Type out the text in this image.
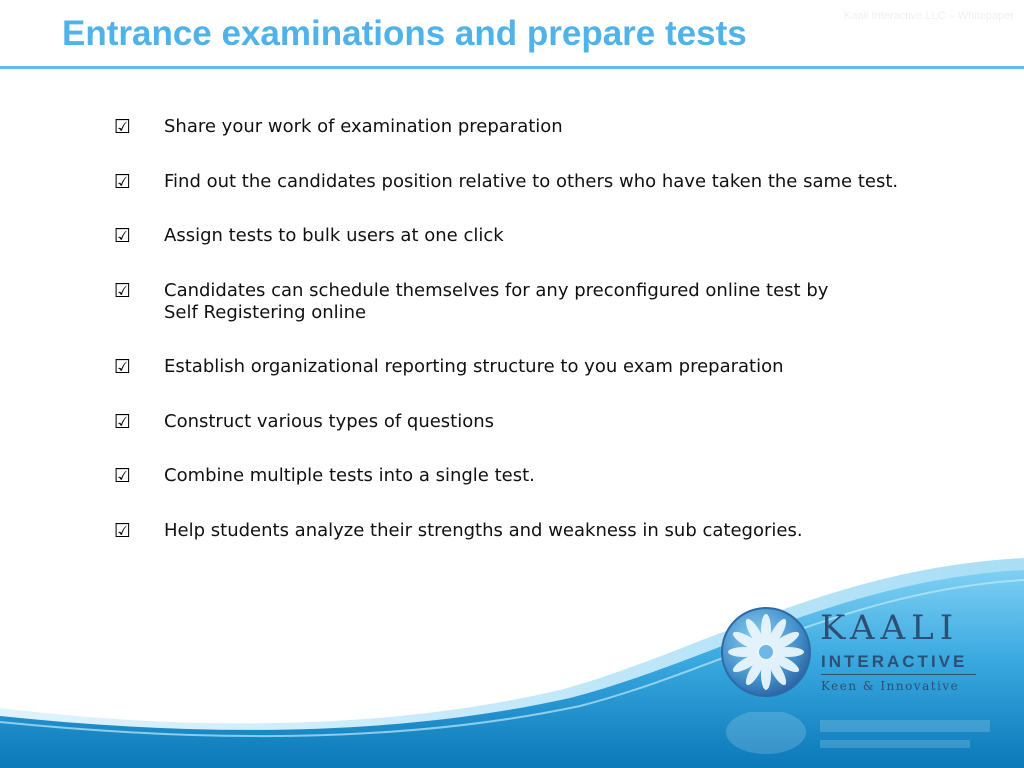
Entrance examinations and prepare tests	Kaali Interactive LLC – Whitepaper
☑	Share your work of examination preparation
☑	Find out the candidates position relative to others who have taken the same test.
☑	Assign tests to bulk users at one click
☑	Candidates can schedule themselves for any preconfigured online test by Self Registering online
☑	Establish organizational reporting structure to you exam preparation
☑	Construct various types of questions
☑	Combine multiple tests into a single test.
☑	Help students analyze their strengths and weakness in sub categories.
KAALI
INTERACTIVE
Keen & Innovative
